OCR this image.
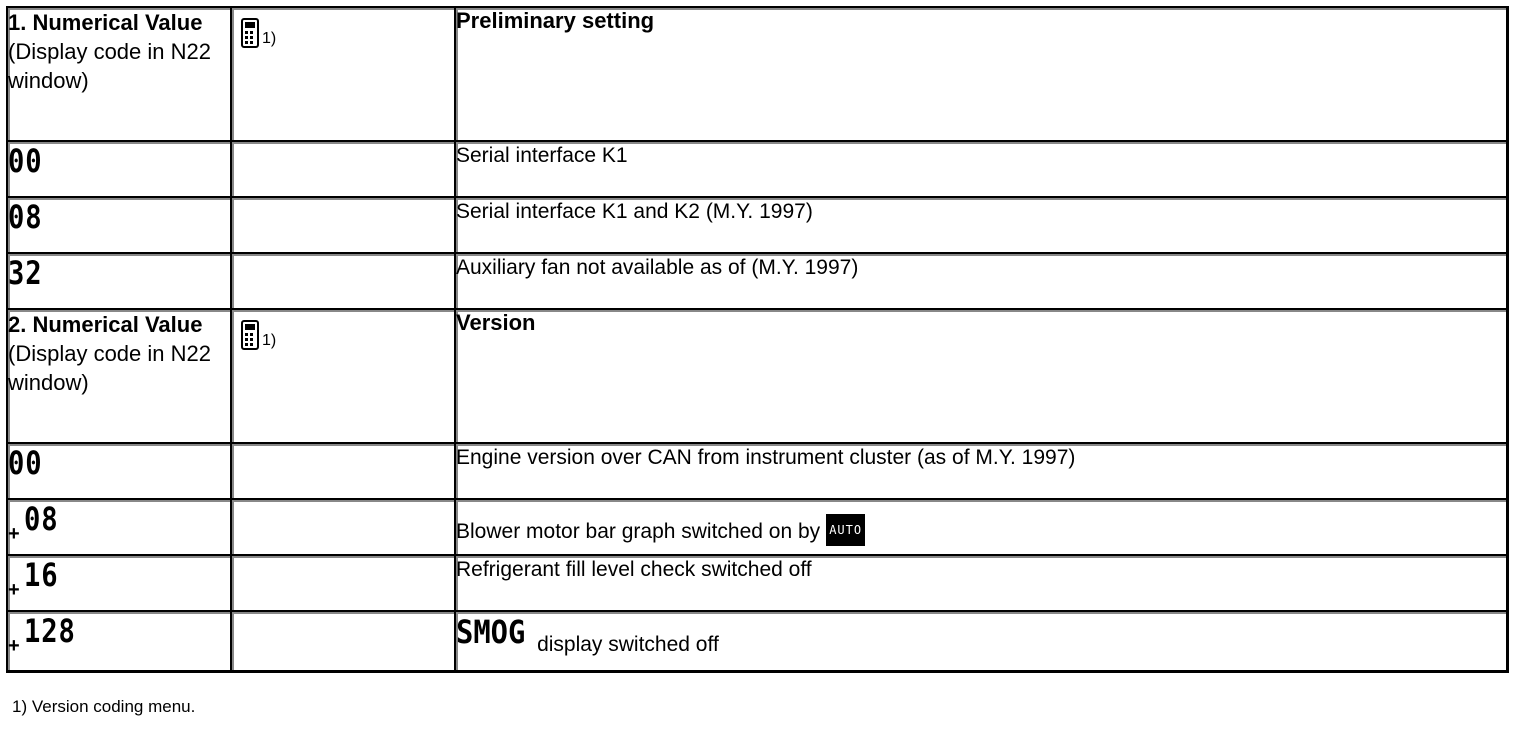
1. Numerical Value
(Display code in N22 window)	1)	Preliminary setting
00		Serial interface K1
08		Serial interface K1 and K2 (M.Y. 1997)
32		Auxiliary fan not available as of (M.Y. 1997)
2. Numerical Value
(Display code in N22 window)	1)	Version
00		Engine version over CAN from instrument cluster (as of M.Y. 1997)
+ 08		Blower motor bar graph switched on by AUTO
+ 16		Refrigerant fill level check switched off
+ 128		SMOG display switched off
1) Version coding menu.
